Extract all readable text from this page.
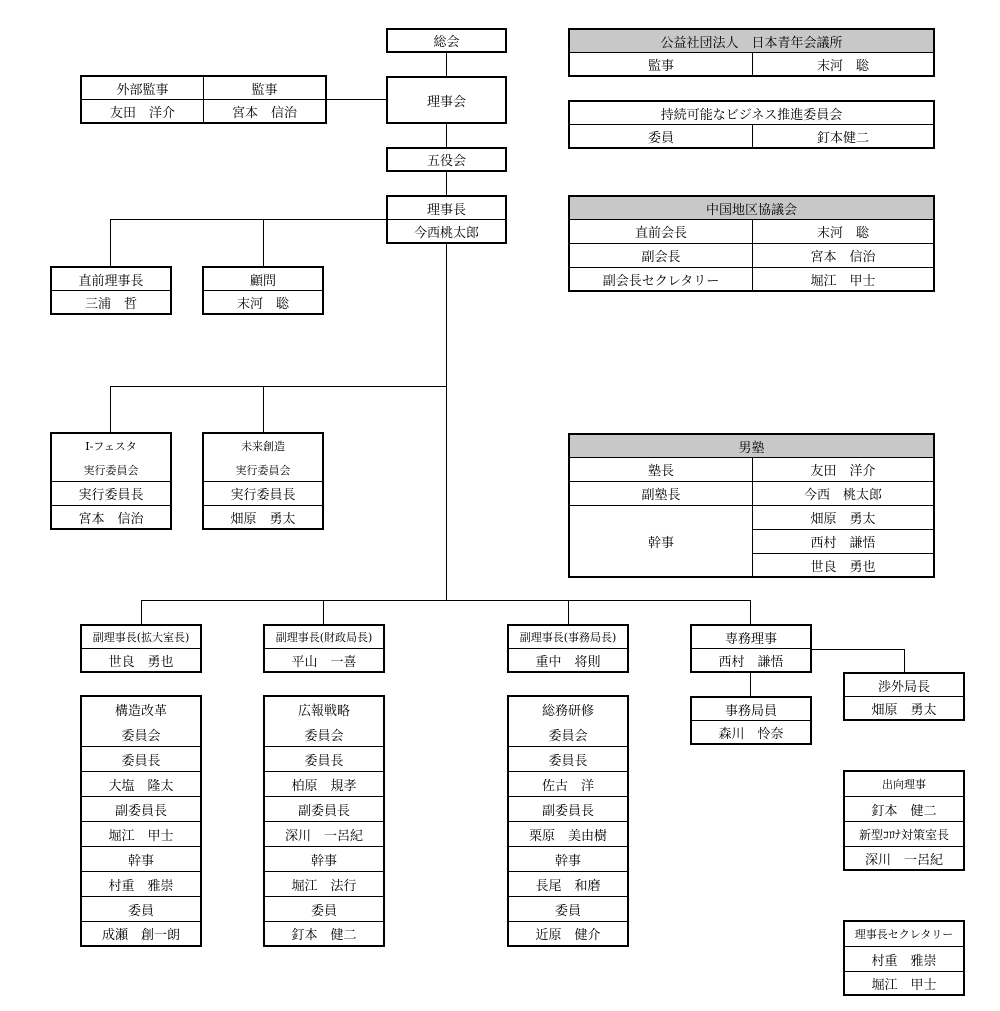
総会
理事会
五役会
外部監事
友田　洋介
監事
宮本　信治
理事長
今西桃太郎
直前理事長
三浦　哲
顧問
末河　聡
公益社団法人　日本青年会議所
監事	末河　聡
持続可能なビジネス推進委員会
委員	釘本健二
中国地区協議会
直前会長	末河　聡
副会長	宮本　信治
副会長セクレタリー	堀江　甲士
I-フェスタ
実行委員会
実行委員長
宮本　信治
未来創造
実行委員会
実行委員長
畑原　勇太
男塾
塾長	友田　洋介
副塾長	今西　桃太郎
幹事
畑原　勇太
西村　謙悟
世良　勇也
副理事長(拡大室長)
世良　勇也
副理事長(財政局長)
平山　一喜
副理事長(事務局長)
重中　将則
専務理事
西村　謙悟
事務局員
森川　怜奈
渉外局長
畑原　勇太
構造改革
委員会
委員長
大塩　隆太
副委員長
堀江　甲士
幹事
村重　雅崇
委員
成瀬　創一朗
広報戦略
委員会
委員長
柏原　規孝
副委員長
深川　一呂紀
幹事
堀江　法行
委員
釘本　健二
総務研修
委員会
委員長
佐古　洋
副委員長
栗原　美由樹
幹事
長尾　和磨
委員
近原　健介
出向理事
釘本　健二
新型ｺﾛﾅ対策室長
深川　一呂紀
理事長セクレタリー
村重　雅崇
堀江　甲士
